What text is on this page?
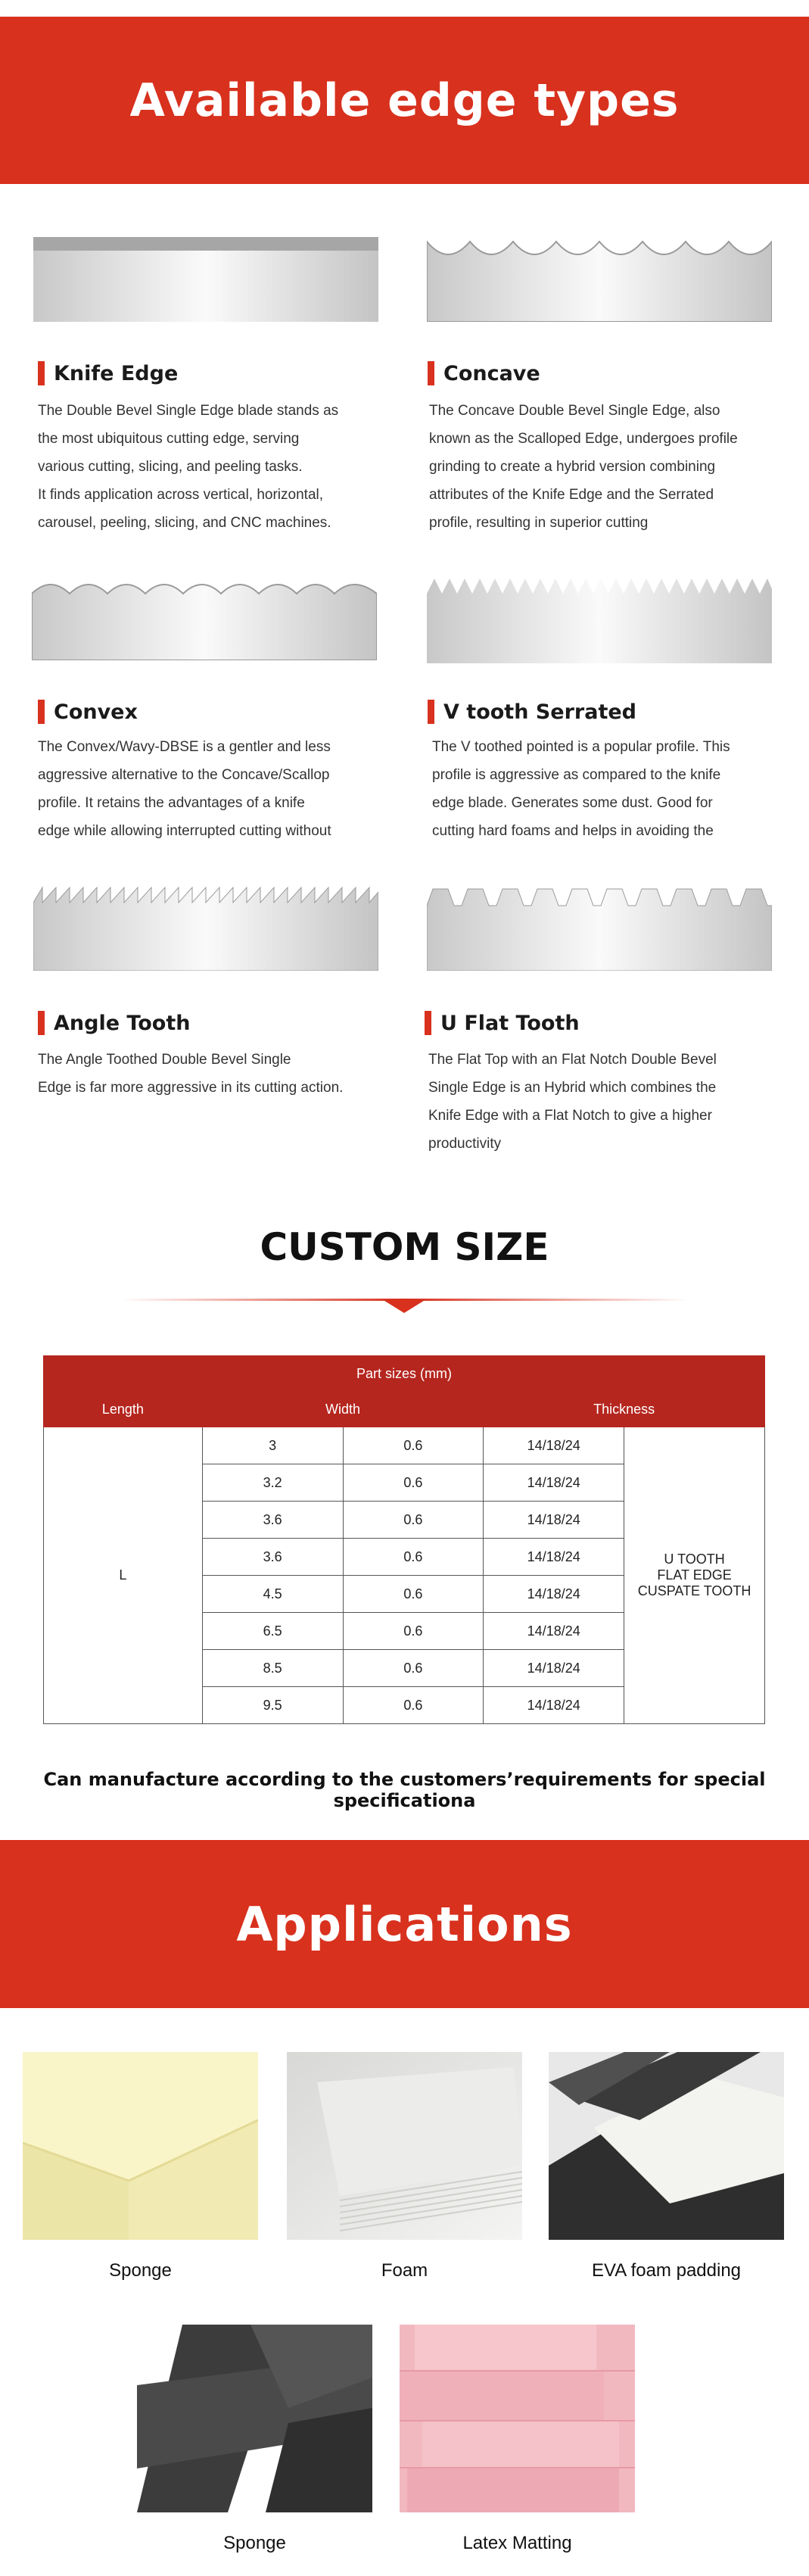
Available edge types
Knife Edge

The Double Bevel Single Edge blade stands as

the most ubiquitous cutting edge, serving

various cutting, slicing, and peeling tasks.

It finds application across vertical, horizontal,

carousel, peeling, slicing, and CNC machines.

Concave

The Concave Double Bevel Single Edge, also

known as the Scalloped Edge, undergoes profile

grinding to create a hybrid version combining

attributes of the Knife Edge and the Serrated

profile, resulting in superior cutting

Convex

The Convex/Wavy-DBSE is a gentler and less

aggressive alternative to the Concave/Scallop

profile. It retains the advantages of a knife

edge while allowing interrupted cutting without

V tooth Serrated

The V toothed pointed is a popular profile. This

profile is aggressive as compared to the knife

edge blade. Generates some dust. Good for

cutting hard foams and helps in avoiding the

Angle Tooth

The Angle Toothed Double Bevel Single

Edge is far more aggressive in its cutting action.

U Flat Tooth

The Flat Top with an Flat Notch Double Bevel

Single Edge is an Hybrid which combines the

Knife Edge with a Flat Notch to give a higher

productivity

CUSTOM SIZE
Part sizes (mm)				
Length	Width		Thickness	
L	3	0.6	14/18/24	U TOOTH
FLAT EDGE
CUSPATE TOOTH

	3.2	0.6	14/18/24	
	3.6	0.6	14/18/24	
	3.6	0.6	14/18/24	
	4.5	0.6	14/18/24	
	6.5	0.6	14/18/24	
	8.5	0.6	14/18/24	
	9.5	0.6	14/18/24	
Can manufacture according to the customers’requirements for special specificationa
Applications
Sponge	Foam	EVA foam padding
Sponge	Latex Matting
